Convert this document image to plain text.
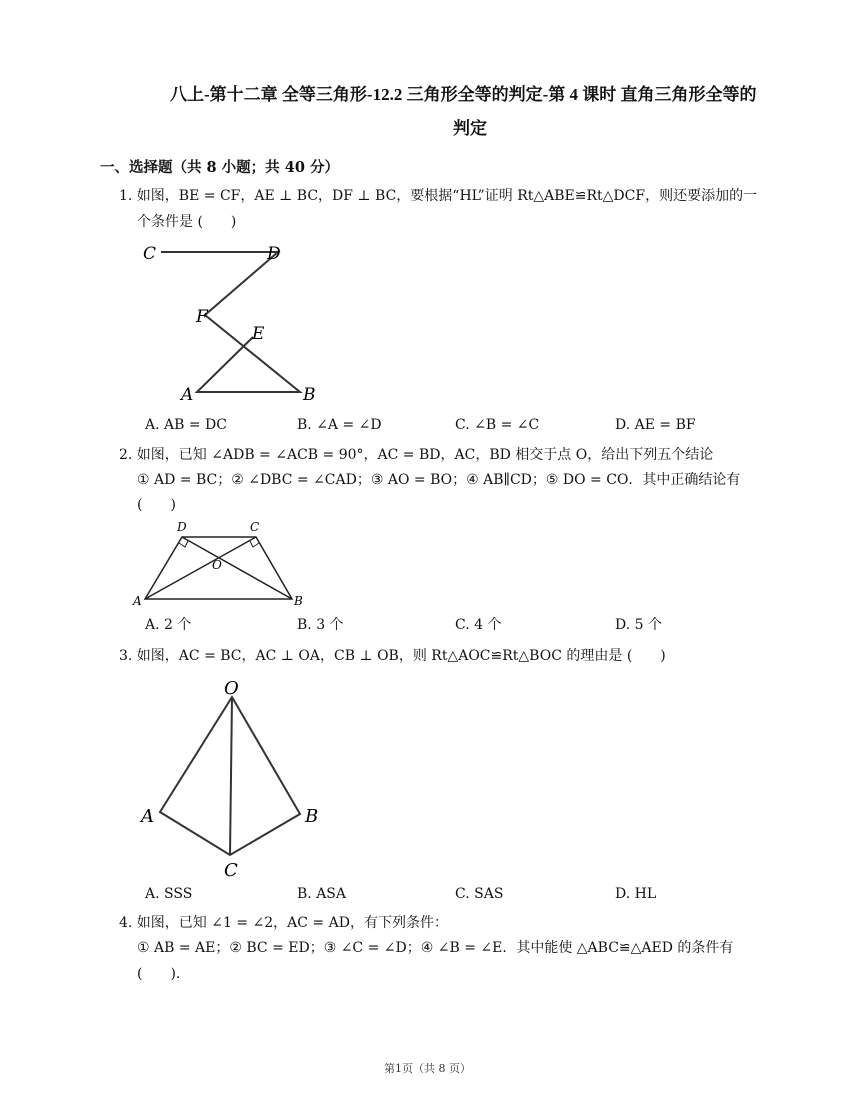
八上-第十二章 全等三角形-12.2 三角形全等的判定-第 4 课时 直角三角形全等的
判定
一、选择题（共 8 小题；共 40 分）
1. 如图，BE = CF，AE ⊥ BC，DF ⊥ BC，要根据“HL”证明 Rt△ABE≌Rt△DCF，则还要添加的一
个条件是 (　　)
C	D
F
E
A	B
A. AB = DC	B. ∠A = ∠D	C. ∠B = ∠C	D. AE = BF
2. 如图，已知 ∠ADB = ∠ACB = 90°，AC = BD，AC，BD 相交于点 O，给出下列五个结论
① AD = BC；② ∠DBC = ∠CAD；③ AO = BO；④ AB∥CD；⑤ DO = CO．其中正确结论有
(　　)
D	C
O
A	B
A. 2 个	B. 3 个	C. 4 个	D. 5 个
3. 如图，AC = BC，AC ⊥ OA，CB ⊥ OB，则 Rt△AOC≌Rt△BOC 的理由是 (　　)
O
A	B
C
A. SSS	B. ASA	C. SAS	D. HL
4. 如图，已知 ∠1 = ∠2，AC = AD，有下列条件：
① AB = AE；② BC = ED；③ ∠C = ∠D；④ ∠B = ∠E．其中能使 △ABC≌△AED 的条件有
(　　).
第1页（共 8 页）
